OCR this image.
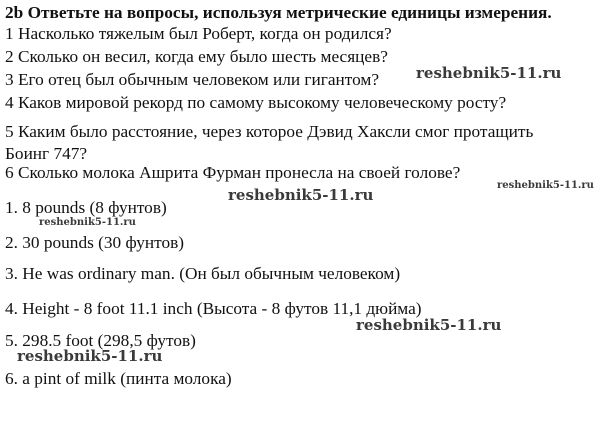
2b Ответьте на вопросы, используя метрические единицы измерения.
1 Насколько тяжелым был Роберт, когда он родился?
2 Сколько он весил, когда ему было шесть месяцев?
3 Его отец был обычным человеком или гигантом?
4 Каков мировой рекорд по самому высокому человеческому росту?
5 Каким было расстояние, через которое Дэвид Хаксли смог протащить
Боинг 747?
6 Сколько молока Ашрита Фурман пронесла на своей голове?
1. 8 pounds (8 фунтов)
2. 30 pounds (30 фунтов)
3. He was ordinary man. (Он был обычным человеком)
4. Height - 8 foot 11.1 inch (Высота - 8 футов 11,1 дюйма)
5. 298.5 foot (298,5 футов)
6. a pint of milk (пинта молока)
reshebnik5-11.ru
reshebnik5-11.ru
reshebnik5-11.ru
reshebnik5-11.ru
reshebnik5-11.ru
reshebnik5-11.ru
